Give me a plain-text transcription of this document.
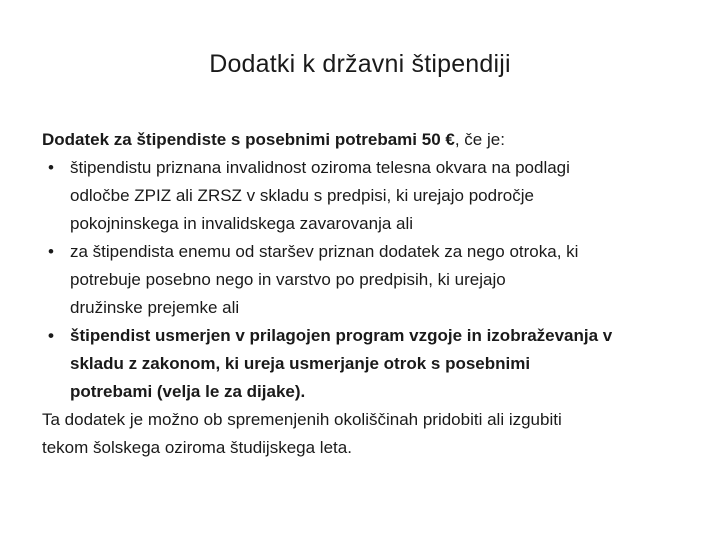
Dodatki k državni štipendiji
Dodatek za štipendiste s posebnimi potrebami 50 €, če je:
• štipendistu priznana invalidnost oziroma telesna okvara na podlagi
odločbe ZPIZ ali ZRSZ v skladu s predpisi, ki urejajo področje
pokojninskega in invalidskega zavarovanja ali
• za štipendista enemu od staršev priznan dodatek za nego otroka, ki
potrebuje posebno nego in varstvo po predpisih, ki urejajo
družinske prejemke ali
• štipendist usmerjen v prilagojen program vzgoje in izobraževanja v
skladu z zakonom, ki ureja usmerjanje otrok s posebnimi
potrebami (velja le za dijake).
Ta dodatek je možno ob spremenjenih okoliščinah pridobiti ali izgubiti
tekom šolskega oziroma študijskega leta.
